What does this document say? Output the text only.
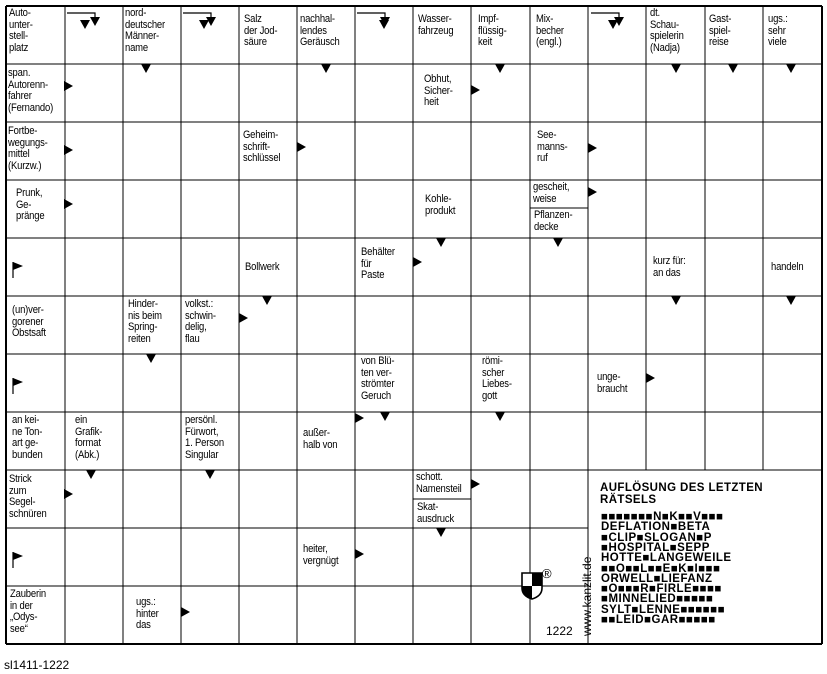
Auto-
unter-
stell-
platz
nord-
deutscher
Männer-
name
Salz
der Jod-
säure
nachhal-
lendes
Geräusch
Wasser-
fahrzeug
Impf-
flüssig-
keit
Mix-
becher
(engl.)
dt.
Schau-
spielerin
(Nadja)
Gast-
spiel-
reise
ugs.:
sehr
viele
span.
Autorenn-
fahrer
(Fernando)
Obhut,
Sicher-
heit
Fortbe-
wegungs-
mittel
(Kurzw.)
Geheim-
schrift-
schlüssel
See-
manns-
ruf
Prunk,
Ge-
pränge
Kohle-
produkt
gescheit,
weise
Pflanzen-
decke
Bollwerk
Behälter
für
Paste
kurz für:
an das	handeln
(un)ver-
gorener
Obstsaft
Hinder-
nis beim
Spring-
reiten
volkst.:
schwin-
delig,
flau
von Blü-
ten ver-
strömter
Geruch
römi-
scher
Liebes-
gott
unge-
braucht
an kei-
ne Ton-
art ge-
bunden
ein
Grafik-
format
(Abk.)
persönl.
Fürwort,
1. Person
Singular
außer-
halb von
Strick
zum
Segel-
schnüren
schott.
Namensteil
Skat-
ausdruck
heiter,
vergnügt
Zauberin
in der
„Odys-
see“
ugs.:
hinter
das
AUFLÖSUNG DES LETZTEN
RÄTSELS
■■■■■■■N■K■■V■■■
DEFLATION■BETA
■CLIP■SLOGAN■P
■HOSPITAL■SEPP
HOTTE■LANGEWEILE
■■O■■L■■E■K■I■■■
ORWELL■LIEFANZ
■O■■■R■FIRLE■■■■
■MINNELIED■■■■■
SYLT■LENNE■■■■■■
■■LEID■GAR■■■■■
1222 www.kanzlit.de
®
sl1411-1222
